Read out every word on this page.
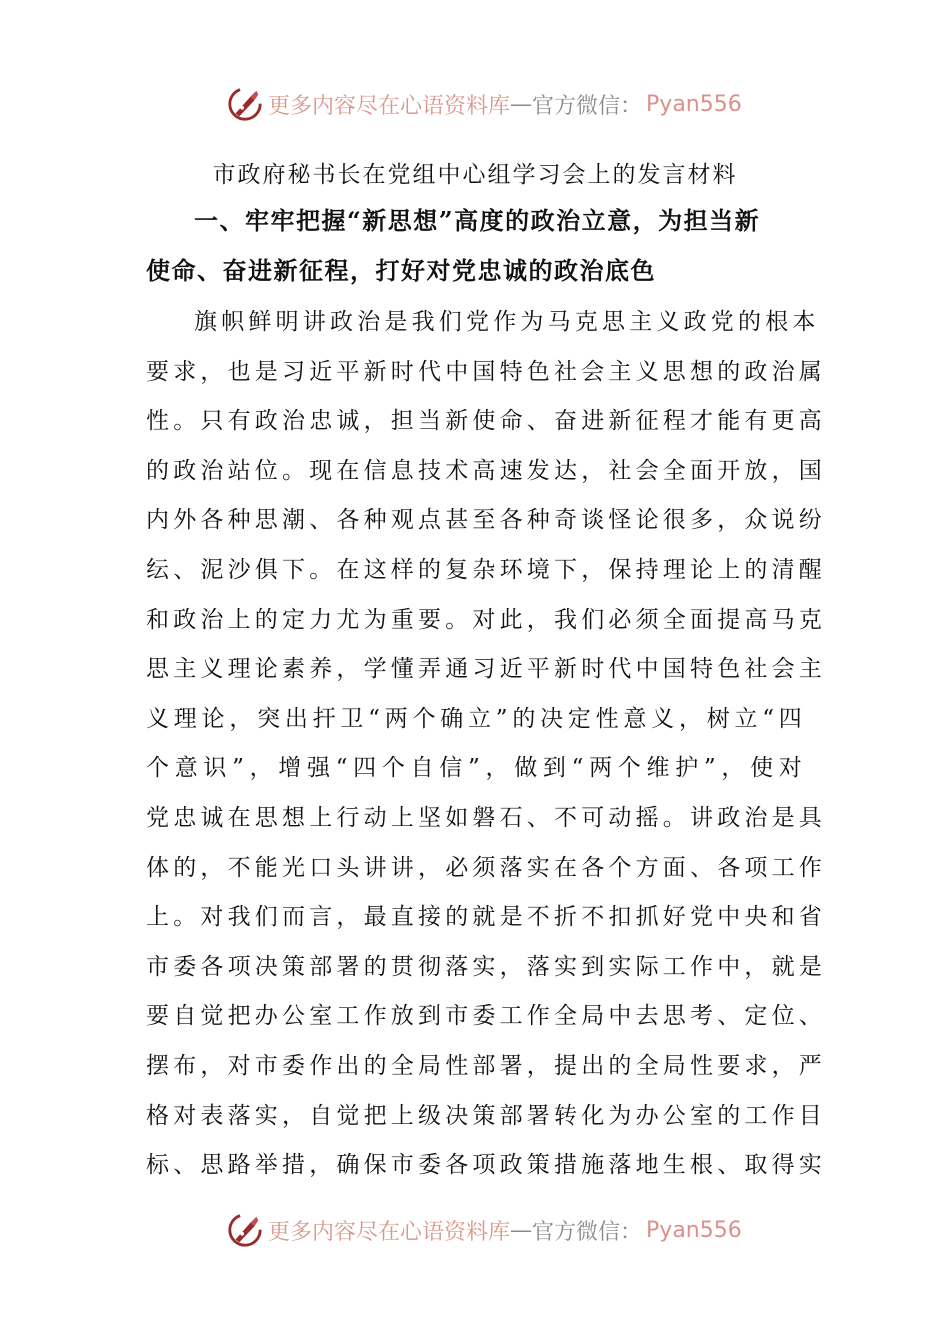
更多内容尽在心语资料库 — 官方微信： Pyan556
市政府秘书长在党组中心组学习会上的发言材料
一、牢牢把握“新思想”高度的政治立意，为担当新
使命、奋进新征程，打好对党忠诚的政治底色
旗帜鲜明讲政治是我们党作为马克思主义政党的根本
要求，也是习近平新时代中国特色社会主义思想的政治属
性。只有政治忠诚，担当新使命、奋进新征程才能有更高
的政治站位。现在信息技术高速发达，社会全面开放，国
内外各种思潮、各种观点甚至各种奇谈怪论很多，众说纷
纭、泥沙俱下。在这样的复杂环境下，保持理论上的清醒
和政治上的定力尤为重要。对此，我们必须全面提高马克
思主义理论素养，学懂弄通习近平新时代中国特色社会主
义理论，突出扞卫“两个确立”的决定性意义，树立“四
个意识”，增强“四个自信”，做到“两个维护”，使对
党忠诚在思想上行动上坚如磐石、不可动摇。讲政治是具
体的，不能光口头讲讲，必须落实在各个方面、各项工作
上。对我们而言，最直接的就是不折不扣抓好党中央和省
市委各项决策部署的贯彻落实，落实到实际工作中，就是
要自觉把办公室工作放到市委工作全局中去思考、定位、
摆布，对市委作出的全局性部署，提出的全局性要求，严
格对表落实，自觉把上级决策部署转化为办公室的工作目
标、思路举措，确保市委各项政策措施落地生根、取得实
更多内容尽在心语资料库 — 官方微信： Pyan556
